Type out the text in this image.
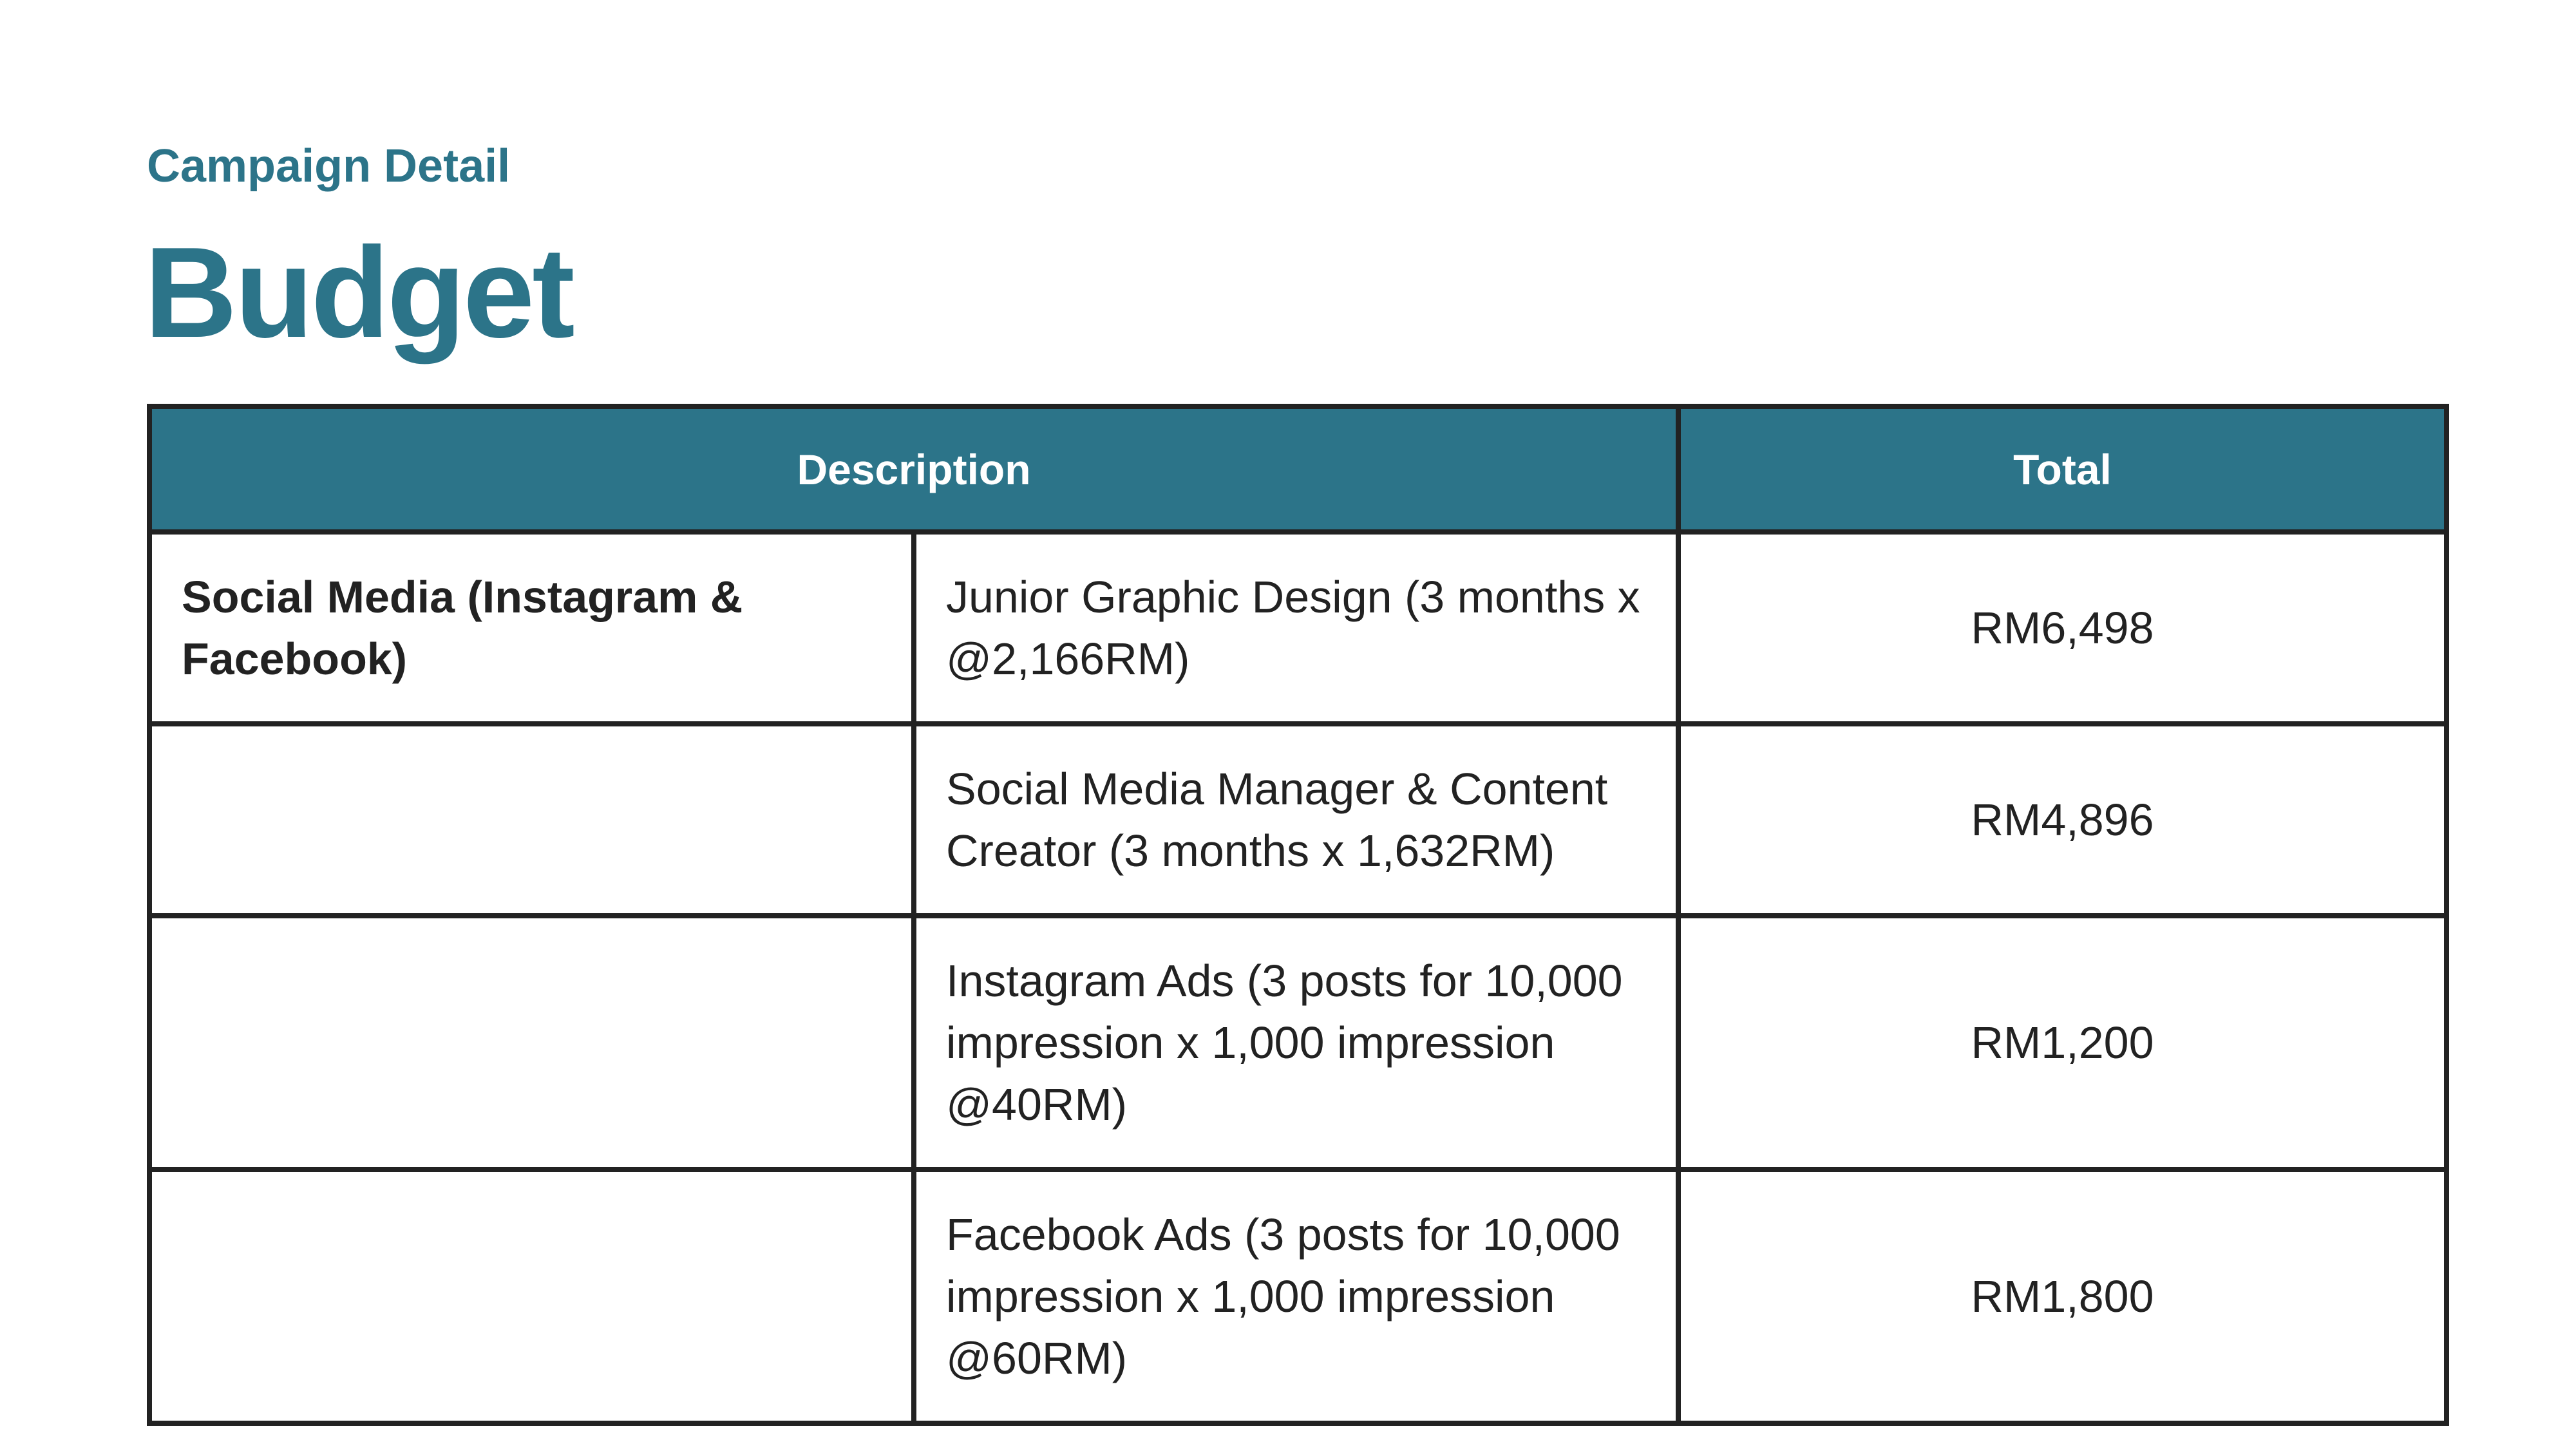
Campaign Detail
Budget
Description		Total
Social Media (Instagram & Facebook)	Junior Graphic Design (3 months x @2,166RM)	RM6,498
	Social Media Manager & Content Creator (3 months x 1,632RM)	RM4,896
	Instagram Ads (3 posts for 10,000 impression x 1,000 impression @40RM)	RM1,200
	Facebook Ads (3 posts for 10,000 impression x 1,000 impression @60RM)	RM1,800
